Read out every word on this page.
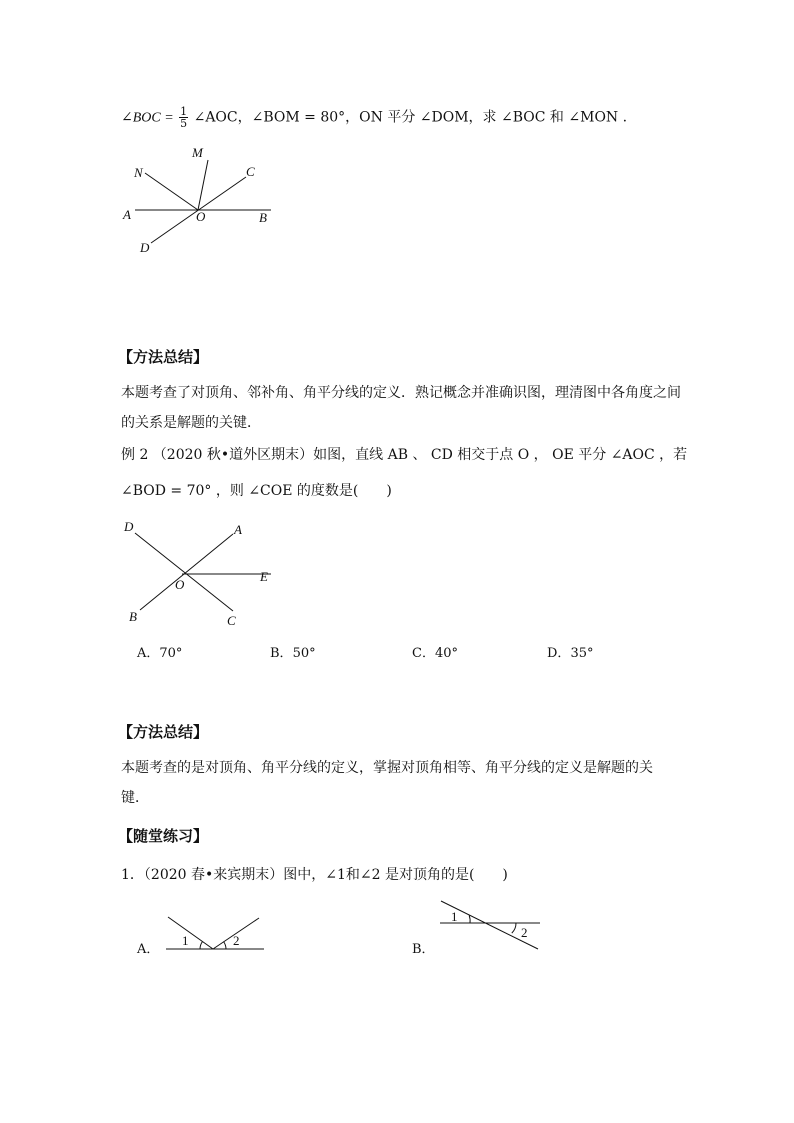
∠BOC = $\frac{1}{5}$ ∠AOC，∠BOM = 80°，ON 平分 ∠DOM，求 ∠BOC 和 ∠MON .
N
M
C
A	O	B
D
【方法总结】
本题考查了对顶角、邻补角、角平分线的定义．熟记概念并准确识图，理清图中各角度之间
的关系是解题的关键．
例 2 （2020 秋•道外区期末）如图，直线 AB 、 CD 相交于点 O ， OE 平分 ∠AOC ，若
∠BOD = 70° ，则 ∠COE 的度数是(　　)
D	A
O
E
B	C
A．70°	B．50°	C．40°	D．35°
【方法总结】
本题考查的是对顶角、角平分线的定义，掌握对顶角相等、角平分线的定义是解题的关
键．
【随堂练习】
1．（2020 春•来宾期末）图中，∠1和∠2 是对顶角的是(　　)
A．
1	2
B．
1
2
